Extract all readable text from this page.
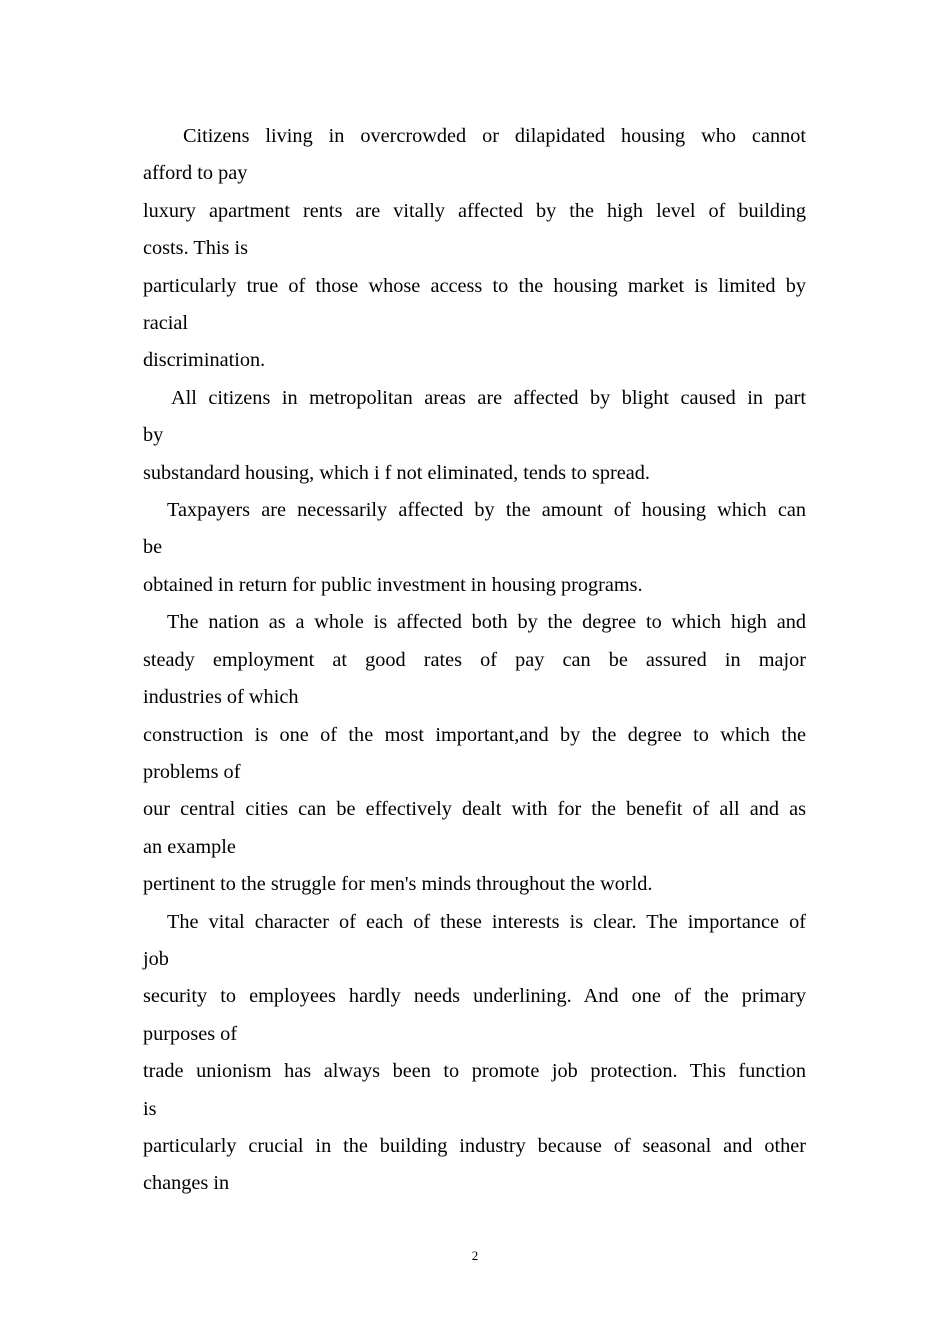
Citizens living in overcrowded or dilapidated housing who cannot
afford to pay
luxury apartment rents are vitally affected by the high level of building
costs. This is
particularly true of those whose access to the housing market is limited by
racial
discrimination.
All citizens in metropolitan areas are affected by blight caused in part
by
substandard housing, which i f not eliminated, tends to spread.
Taxpayers are necessarily affected by the amount of housing which can
be
obtained in return for public investment in housing programs.
The nation as a whole is affected both by the degree to which high and
steady employment at good rates of pay can be assured in major
industries of which
construction is one of the most important,and by the degree to which the
problems of
our central cities can be effectively dealt with for the benefit of all and as
an example
pertinent to the struggle for men's minds throughout the world.
The vital character of each of these interests is clear. The importance of
job
security to employees hardly needs underlining. And one of the primary
purposes of
trade unionism has always been to promote job protection. This function
is
particularly crucial in the building industry because of seasonal and other
changes in
2
